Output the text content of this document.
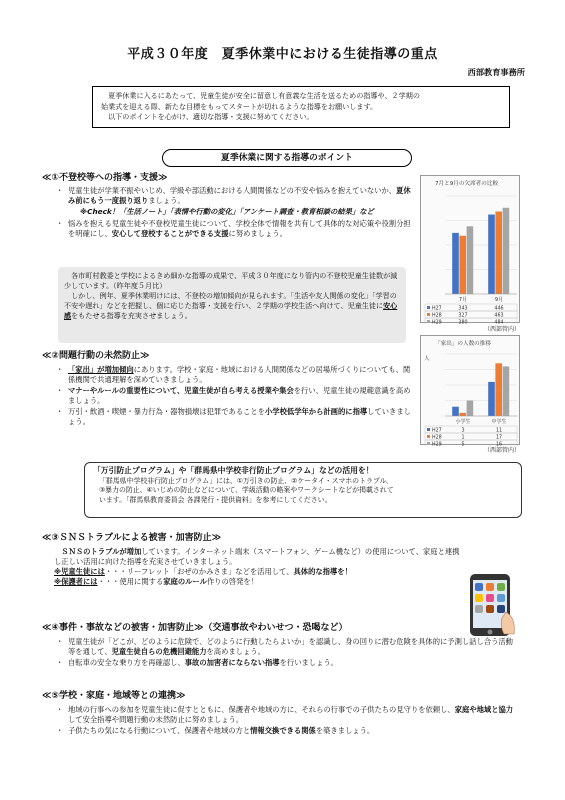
平成３０年度　夏季休業中における生徒指導の重点
西部教育事務所

夏季休業に入るにあたって、児童生徒が安全に留意し有意義な生活を送るための指導や、２学期の

始業式を迎える際、新たな目標をもってスタートが切れるような指導をお願いします。

以下のポイントを心がけ、適切な指導・支援に努めてください。

夏季休業に関する指導のポイント
≪①不登校等への指導・支援≫
・ 児童生徒が学業不振やいじめ、学級や部活動における人間関係などの不安や悩みを抱えていないか、夏休み前にもう一度振り返りましょう。
※Check！「生活ノート」「表情や行動の変化」「アンケート調査・教育相談の結果」など
・ 悩みを抱える児童生徒や不登校児童生徒について、学校全体で情報を共有して具体的な対応策や役割分担を明確にし、安心して登校することができる支援に努めましょう。
各市町村教委と学校によるきめ細かな指導の成果で、平成３０年度になり管内の不登校児童生徒数が減少しています。（昨年度５月比）
しかし、例年、夏季休業明けには、不登校の増加傾向が見られます。「生活や友人関係の変化」「学習の不安や遅れ」などを把握し、個に応じた指導・支援を行い、２学期の学校生活へ向けて、児童生徒に安心感をもたせる指導を充実させましょう。
7月と9月の欠席者の比較
7月	9月
H27	343	446
H28	327	463
H29	380	484
（西部管内）
≪②問題行動の未然防止≫
・ 「家出」が増加傾向にあります。学校・家庭・地域における人間関係などの居場所づくりについても、関係機関で共通理解を深めていきましょう。
・ マナーやルールの重要性について、児童生徒が自ら考える授業や集会を行い、児童生徒の規範意識を高めましょう。
・ 万引・飲酒・喫煙・暴力行為・器物損壊は犯罪であることを小学校低学年から計画的に指導していきましょう。
「家出」の人数の推移
人
小学生	中学生
H27	3	11
H28	1	17
H29	5	16
（西部管内）
「万引防止プログラム」や「群馬県中学校非行防止プログラム」などの活用を！

「群馬県中学校非行防止プログラム」には、①万引きの防止、②ケータイ・スマホのトラブル、

③暴力の防止、④いじめの防止などについて、学級活動の略案やワークシートなどが掲載されて

います。「群馬県教育委員会 各課発行・提供資料」を参考にしてください。

≪③ＳＮＳトラブルによる被害・加害防止≫
ＳＮＳのトラブルが増加しています。インターネット端末（スマートフォン、ゲーム機など）の使用について、家庭と連携し正しい活用に向けた指導を充実させていきましょう。
※児童生徒には・・・リーフレット「おぜのかみさま」などを活用して、具体的な指導を！
※保護者には・・・使用に関する家庭のルール作りの啓発を！
≪④事件・事故などの被害・加害防止≫（交通事故やわいせつ・恐喝など）
・ 児童生徒が「どこが、どのように危険で、どのように行動したらよいか」を認識し、身の回りに潜む危険を具体的に予測し話し合う活動等を通して、児童生徒自らの危機回避能力を高めましょう。
・ 自転車の安全な乗り方を再確認し、事故の加害者にならない指導を行いましょう。
≪⑤学校・家庭・地域等との連携≫
・ 地域の行事への参加を児童生徒に促すとともに、保護者や地域の方に、それらの行事での子供たちの見守りを依頼し、家庭や地域と協力して安全指導や問題行動の未然防止に努めましょう。
・ 子供たちの気になる行動について、保護者や地域の方と情報交換できる関係を築きましょう。
